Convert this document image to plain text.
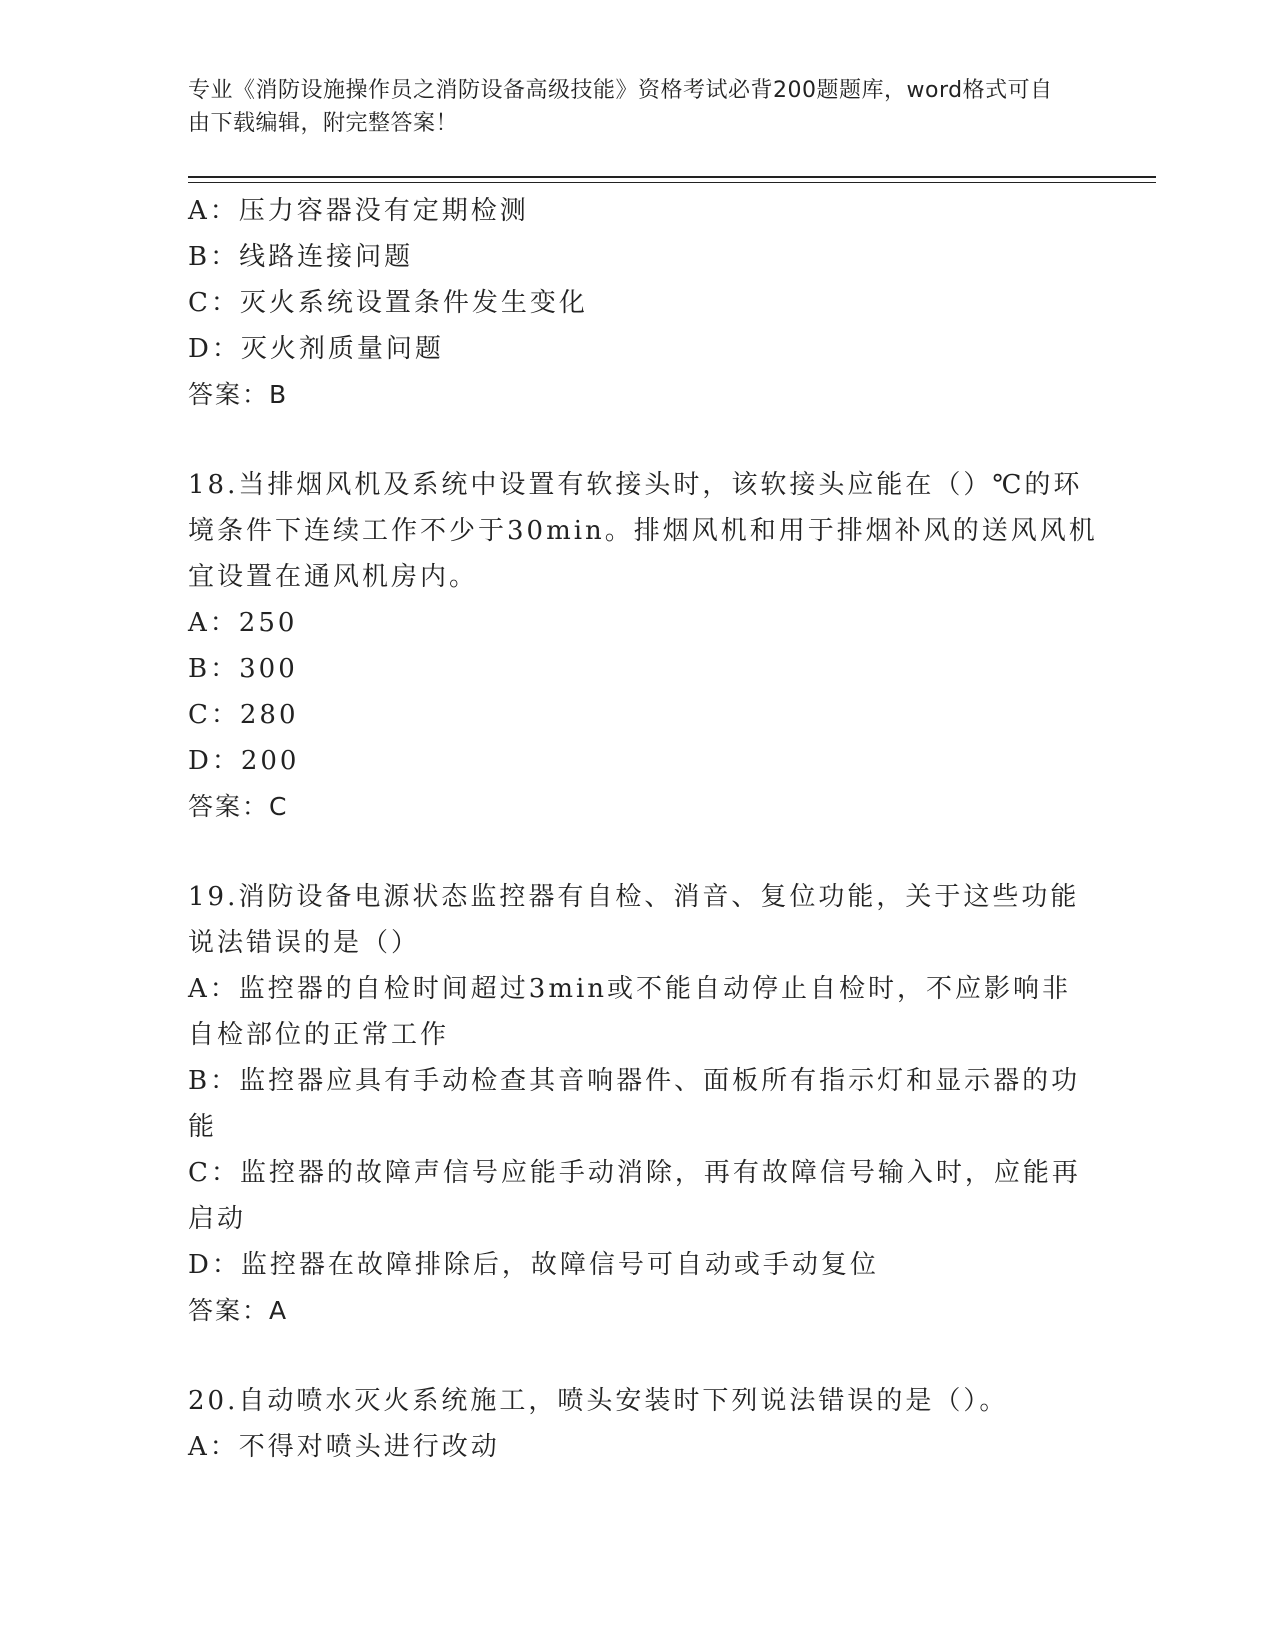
专业《消防设施操作员之消防设备高级技能》资格考试必背200题题库，word格式可自由下载编辑，附完整答案！
A：压力容器没有定期检测
B：线路连接问题
C：灭火系统设置条件发生变化
D：灭火剂质量问题
答案：B
18.当排烟风机及系统中设置有软接头时，该软接头应能在（）℃的环
境条件下连续工作不少于30min。排烟风机和用于排烟补风的送风风机
宜设置在通风机房内。
A：250
B：300
C：280
D：200
答案：C
19.消防设备电源状态监控器有自检、消音、复位功能，关于这些功能
说法错误的是（）
A：监控器的自检时间超过3min或不能自动停止自检时，不应影响非
自检部位的正常工作
B：监控器应具有手动检查其音响器件、面板所有指示灯和显示器的功
能
C：监控器的故障声信号应能手动消除，再有故障信号输入时，应能再
启动
D：监控器在故障排除后，故障信号可自动或手动复位
答案：A
20.自动喷水灭火系统施工，喷头安装时下列说法错误的是（）。
A：不得对喷头进行改动
